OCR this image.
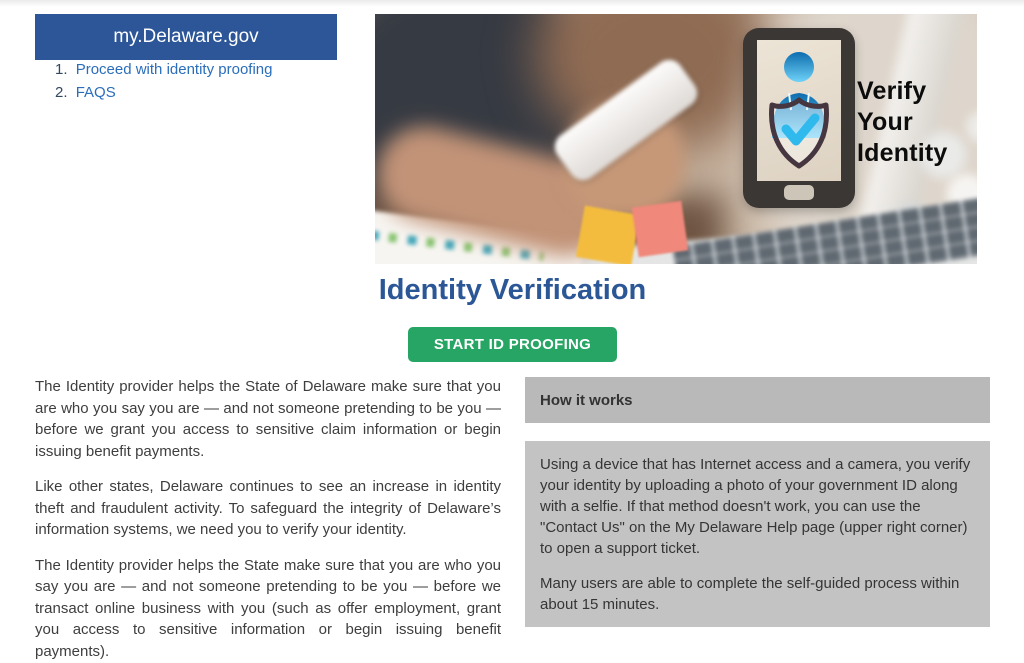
my.Delaware.gov
1. Proceed with identity proofing
2. FAQS	Verify
Your
Identity
Identity Verification
START ID PROOFING

The Identity provider helps the State of Delaware make sure that you are who you say you are — and not someone pretending to be you — before we grant you access to sensitive claim information or begin issuing benefit payments.

Like other states, Delaware continues to see an increase in identity theft and fraudulent activity. To safeguard the integrity of Delaware’s information systems, we need you to verify your identity.

The Identity provider helps the State make sure that you are who you say you are — and not someone pretending to be you — before we transact online business with you (such as offer employment, grant you access to sensitive information or begin issuing benefit payments).

How it works

Using a device that has Internet access and a camera, you verify your identity by uploading a photo of your government ID along with a selfie. If that method doesn't work, you can use the "Contact Us" on the My Delaware Help page (upper right corner) to open a support ticket.

Many users are able to complete the self-guided process within about 15 minutes.
